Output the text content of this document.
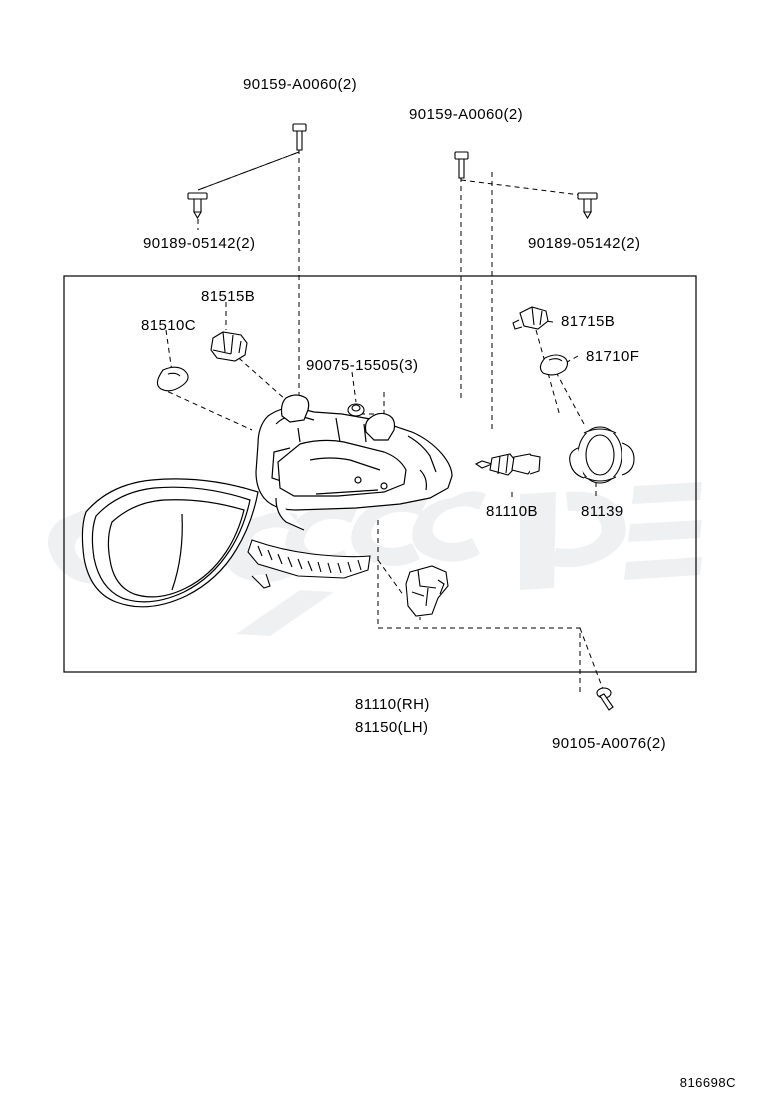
90159-A0060(2)
90159-A0060(2)
90189-05142(2)	90189-05142(2)
81515B
81510C	81715B
81710F
90075-15505(3)
81110B	81139
81110(RH)
81150(LH)
90105-A0076(2)
816698C
